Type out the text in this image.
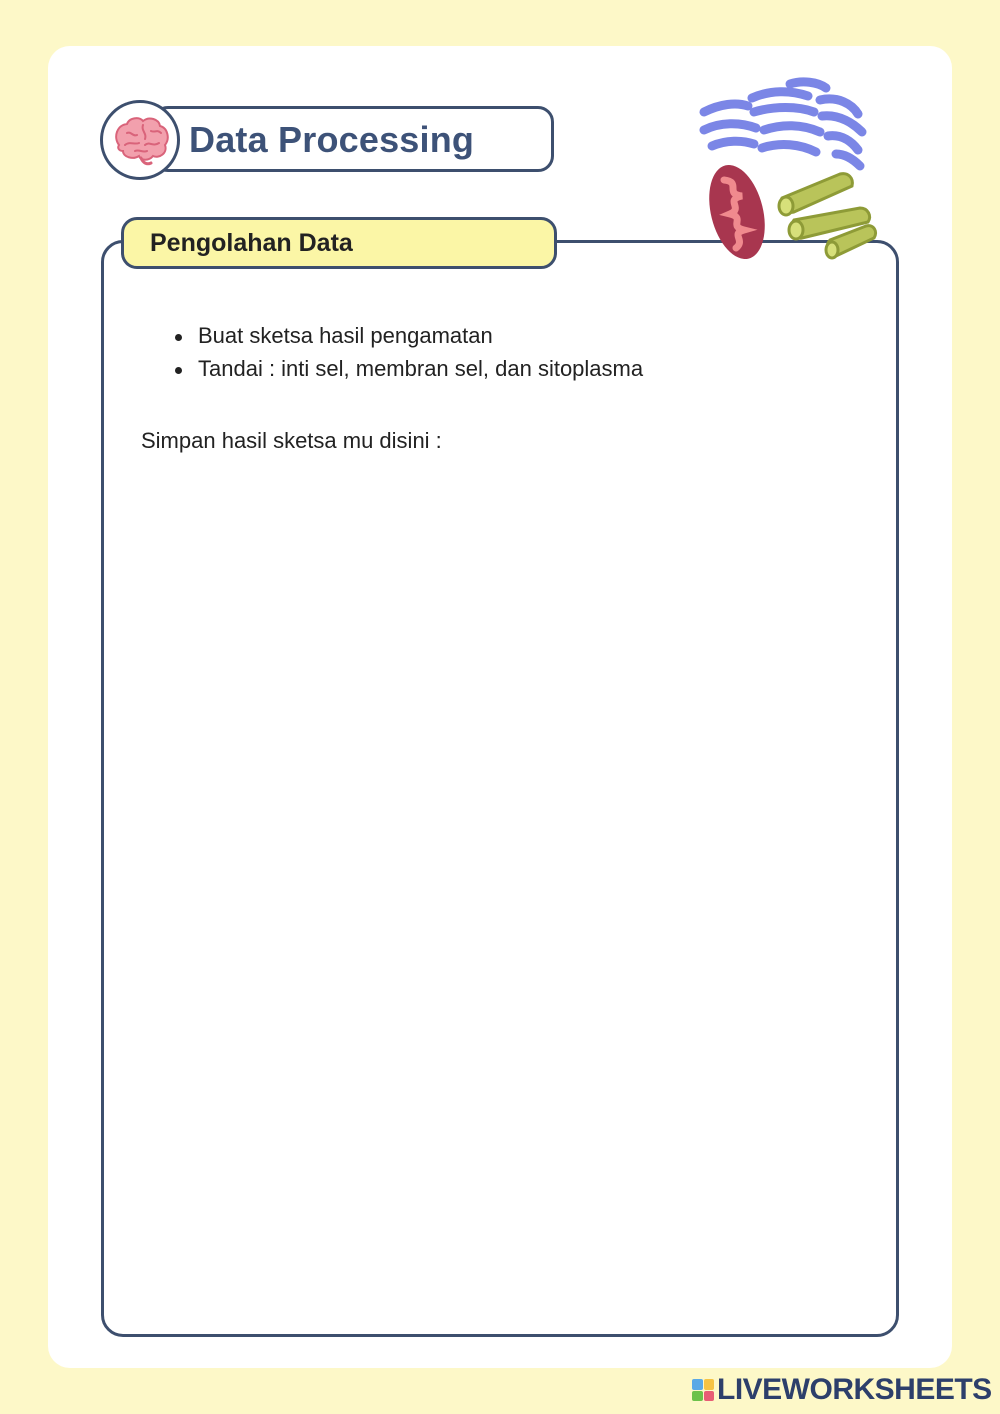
Data Processing
Pengolahan Data
Buat sketsa hasil pengamatan
Tandai : inti sel, membran sel, dan sitoplasma
Simpan hasil sketsa mu disini :
LIVEWORKSHEETS
